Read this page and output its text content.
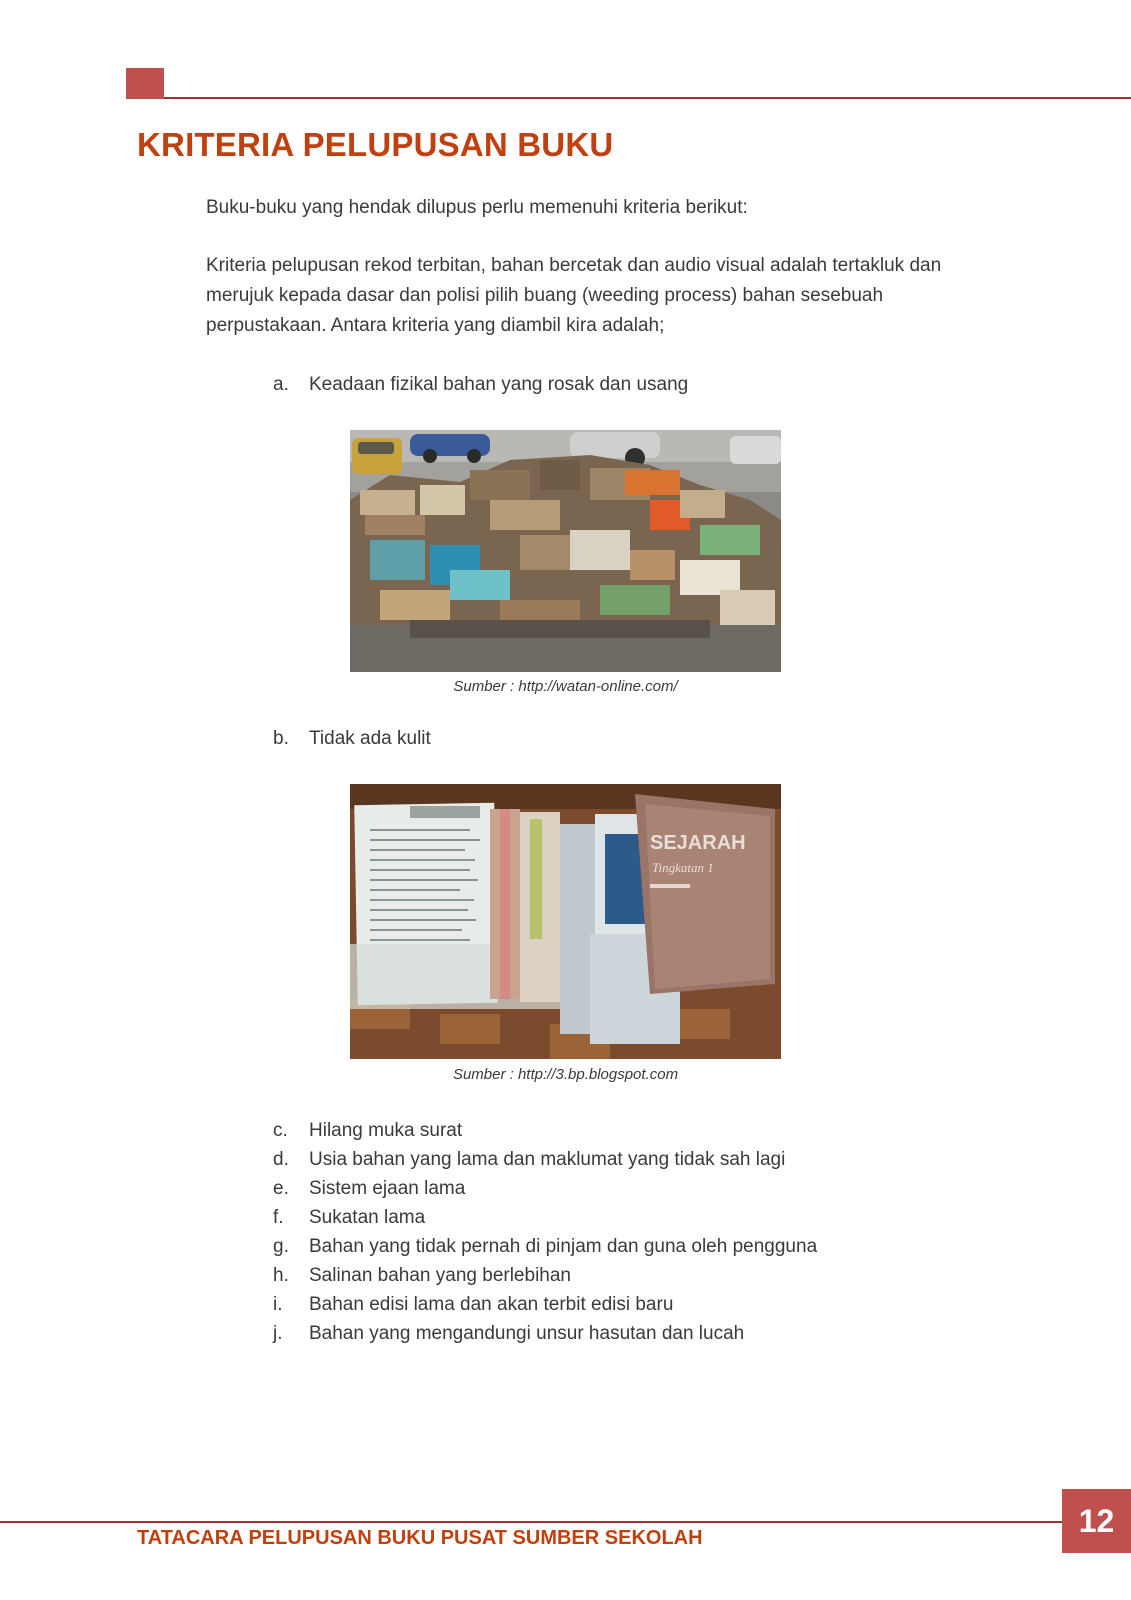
KRITERIA PELUPUSAN BUKU

Buku-buku yang hendak dilupus perlu memenuhi kriteria berikut:

Kriteria pelupusan rekod terbitan, bahan bercetak dan audio visual adalah tertakluk dan merujuk kepada dasar dan polisi pilih buang (weeding process) bahan sesebuah perpustakaan. Antara kriteria yang diambil kira adalah;

a.	Keadaan fizikal bahan yang rosak dan usang
Sumber : http://watan-online.com/
b.	Tidak ada kulit
SEJARAH
Tingkatan 1
Sumber : http://3.bp.blogspot.com
c.	Hilang muka surat
d.	Usia bahan yang lama dan maklumat yang tidak sah lagi
e.	Sistem ejaan lama
f.	Sukatan lama
g.	Bahan yang tidak pernah di pinjam dan guna oleh pengguna
h.	Salinan bahan yang berlebihan
i.	Bahan edisi lama dan akan terbit edisi baru
j.	Bahan yang mengandungi unsur hasutan dan lucah
TATACARA PELUPUSAN BUKU PUSAT SUMBER SEKOLAH	12
